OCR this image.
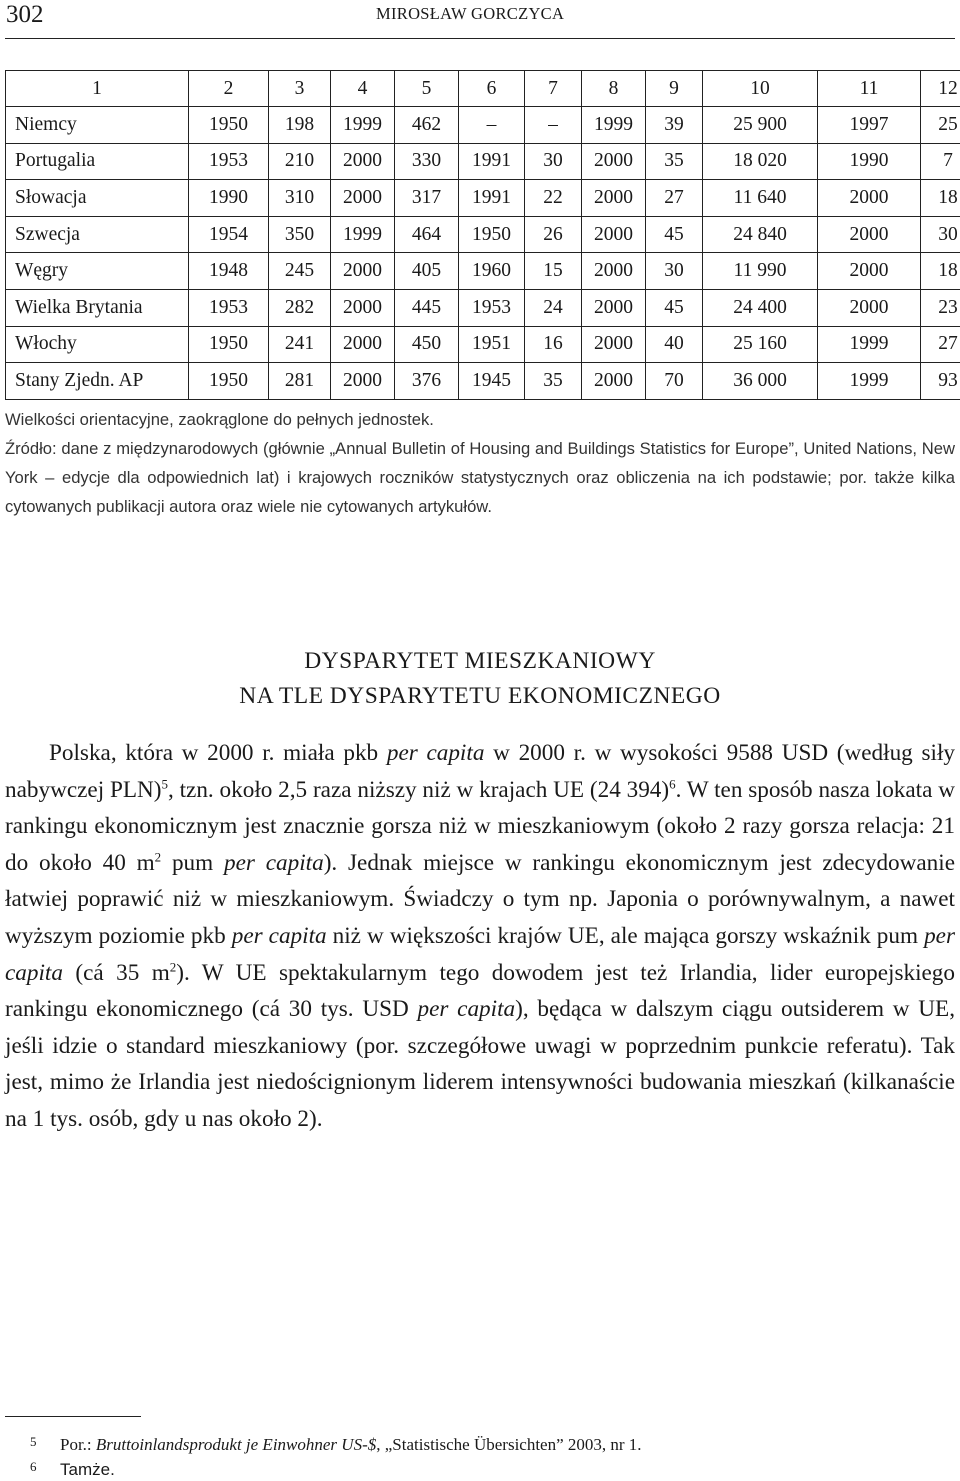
302	MIROSŁAW GORCZYCA
1	2	3	4	5	6	7	8	9	10	11	12
Niemcy	1950	198	1999	462	–	–	1999	39	25 900	1997	25
Portugalia	1953	210	2000	330	1991	30	2000	35	18 020	1990	7
Słowacja	1990	310	2000	317	1991	22	2000	27	11 640	2000	18
Szwecja	1954	350	1999	464	1950	26	2000	45	24 840	2000	30
Węgry	1948	245	2000	405	1960	15	2000	30	11 990	2000	18
Wielka Brytania	1953	282	2000	445	1953	24	2000	45	24 400	2000	23
Włochy	1950	241	2000	450	1951	16	2000	40	25 160	1999	27
Stany Zjedn. AP	1950	281	2000	376	1945	35	2000	70	36 000	1999	93
Wielkości orientacyjne, zaokrąglone do pełnych jednostek.
Źródło: dane z międzynarodowych (głównie „Annual Bulletin of Housing and Buildings Statistics for Europe”, United Nations, New York – edycje dla odpowiednich lat) i krajowych roczników statystycznych oraz obliczenia na ich podstawie; por. także kilka cytowanych publikacji autora oraz wiele nie cytowanych artykułów.
DYSPARYTET MIESZKANIOWY
NA TLE DYSPARYTETU EKONOMICZNEGO

Polska, która w 2000 r. miała pkb per capita w 2000 r. w wysokości 9588 USD (według siły nabywczej PLN)$^5$, tzn. około 2,5 raza niższy niż w krajach UE (24 394)$^6$. W ten sposób nasza lokata w rankingu ekonomicznym jest znacznie gorsza niż w mieszkaniowym (około 2 razy gorsza relacja: 21 do około 40 $m^2$ pum per capita). Jednak miejsce w rankingu ekonomicznym jest zdecydowanie łatwiej poprawić niż w mieszkaniowym. Świadczy o tym np. Japonia o porównywalnym, a nawet wyższym poziomie pkb per capita niż w większości krajów UE, ale mająca gorszy wskaźnik pum per capita (cá 35 $m^2$). W UE spektakularnym tego dowodem jest też Irlandia, lider europejskiego rankingu ekonomicznego (cá 30 tys. USD per capita), będąca w dalszym ciągu outsiderem w UE, jeśli idzie o standard mieszkaniowy (por. szczegółowe uwagi w poprzednim punkcie referatu). Tak jest, mimo że Irlandia jest niedoścignionym liderem intensywności budowania mieszkań (kilkanaście na 1 tys. osób, gdy u nas około 2).

5 Por.: Bruttoinlandsprodukt je Einwohner US-$, „Statistische Übersichten” 2003, nr 1.
6 Tamże.
